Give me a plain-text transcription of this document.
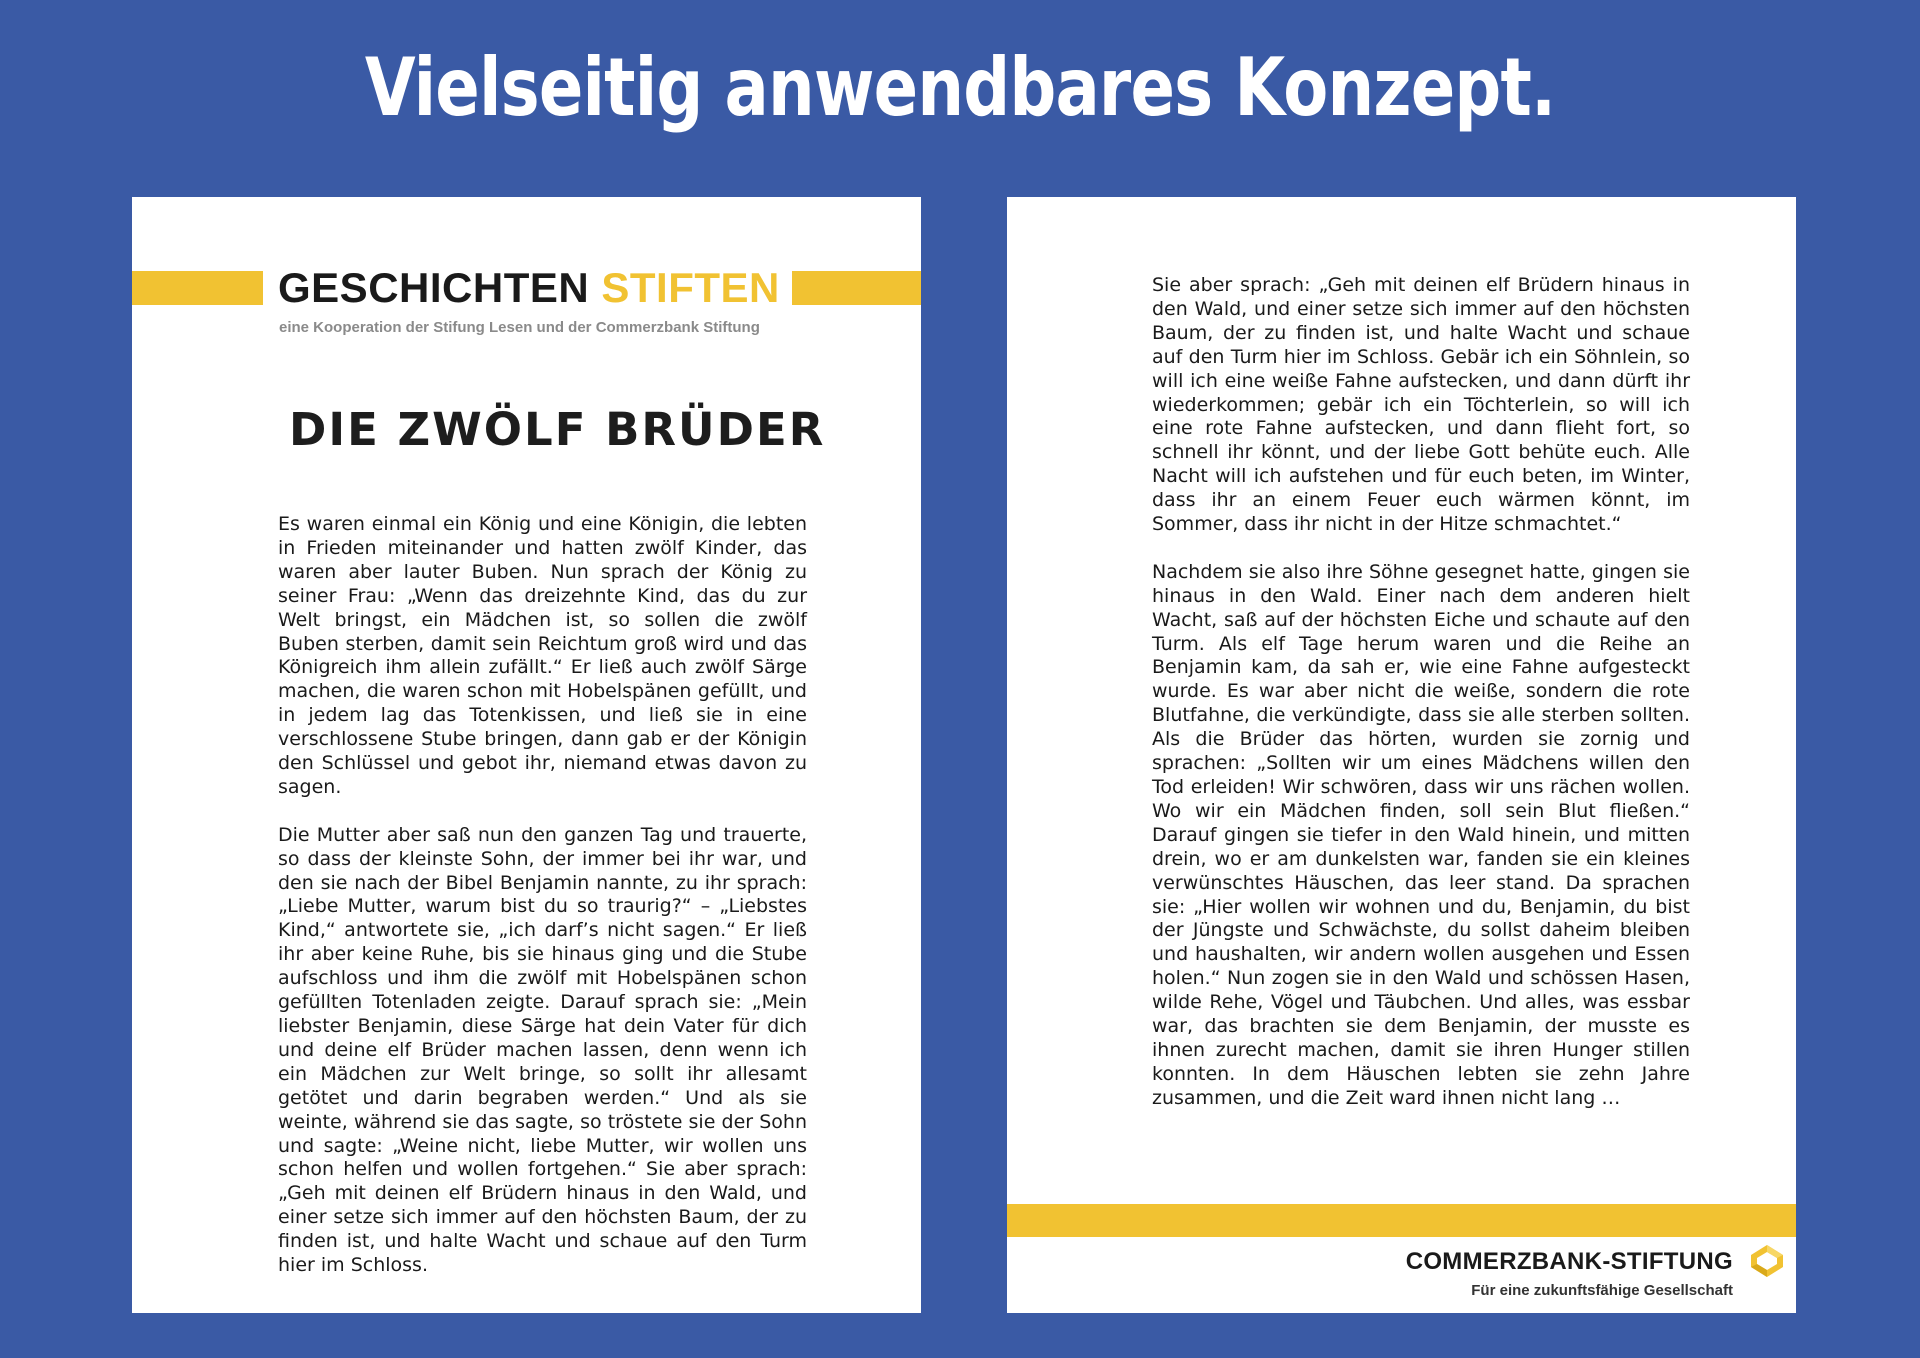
Vielseitig anwendbares Konzept.
GESCHICHTEN STIFTEN
eine Kooperation der Stifung Lesen und der Commerzbank Stiftung
DIE ZWÖLF BRÜDER

Es waren einmal ein König und eine Königin, die lebten in Frieden miteinander und hatten zwölf Kinder, das waren aber lauter Buben. Nun sprach der König zu seiner Frau: „Wenn das dreizehnte Kind, das du zur Welt bringst, ein Mädchen ist, so sollen die zwölf Buben sterben, damit sein Reichtum groß wird und das Königreich ihm allein zufällt.“ Er ließ auch zwölf Särge machen, die waren schon mit Hobelspänen gefüllt, und in jedem lag das Totenkissen, und ließ sie in eine verschlossene Stube bringen, dann gab er der Königin den Schlüssel und gebot ihr, niemand etwas davon zu sagen.

Die Mutter aber saß nun den ganzen Tag und trauerte, so dass der kleinste Sohn, der immer bei ihr war, und den sie nach der Bibel Benjamin nannte, zu ihr sprach: „Liebe Mutter, warum bist du so traurig?“ – „Liebstes Kind,“ antwortete sie, „ich darf’s nicht sagen.“ Er ließ ihr aber keine Ruhe, bis sie hinaus ging und die Stube aufschloss und ihm die zwölf mit Hobelspänen schon gefüllten Totenladen zeigte. Darauf sprach sie: „Mein liebster Benjamin, diese Särge hat dein Vater für dich und deine elf Brüder machen lassen, denn wenn ich ein Mädchen zur Welt bringe, so sollt ihr allesamt getötet und darin begraben werden.“ Und als sie weinte, während sie das sagte, so tröstete sie der Sohn und sagte: „Weine nicht, liebe Mutter, wir wollen uns schon helfen und wollen fortgehen.“ Sie aber sprach: „Geh mit deinen elf Brüdern hinaus in den Wald, und einer setze sich immer auf den höchsten Baum, der zu finden ist, und halte Wacht und schaue auf den Turm hier im Schloss.

Sie aber sprach: „Geh mit deinen elf Brüdern hinaus in den Wald, und einer setze sich immer auf den höchsten Baum, der zu finden ist, und halte Wacht und schaue auf den Turm hier im Schloss. Gebär ich ein Söhnlein, so will ich eine weiße Fahne aufstecken, und dann dürft ihr wiederkommen; gebär ich ein Töchterlein, so will ich eine rote Fahne aufstecken, und dann flieht fort, so schnell ihr könnt, und der liebe Gott behüte euch. Alle Nacht will ich aufstehen und für euch beten, im Winter, dass ihr an einem Feuer euch wärmen könnt, im Sommer, dass ihr nicht in der Hitze schmachtet.“

Nachdem sie also ihre Söhne gesegnet hatte, gingen sie hinaus in den Wald. Einer nach dem anderen hielt Wacht, saß auf der höchsten Eiche und schaute auf den Turm. Als elf Tage herum waren und die Reihe an Benjamin kam, da sah er, wie eine Fahne aufgesteckt wurde. Es war aber nicht die weiße, sondern die rote Blutfahne, die verkündigte, dass sie alle sterben sollten. Als die Brüder das hörten, wurden sie zornig und sprachen: „Sollten wir um eines Mädchens willen den Tod erleiden! Wir schwören, dass wir uns rächen wollen. Wo wir ein Mädchen finden, soll sein Blut fließen.“ Darauf gingen sie tiefer in den Wald hinein, und mitten drein, wo er am dunkelsten war, fanden sie ein kleines verwünschtes Häuschen, das leer stand. Da sprachen sie: „Hier wollen wir wohnen und du, Benjamin, du bist der Jüngste und Schwächste, du sollst daheim bleiben und haushalten, wir andern wollen ausgehen und Essen holen.“ Nun zogen sie in den Wald und schössen Hasen, wilde Rehe, Vögel und Täubchen. Und alles, was essbar war, das brachten sie dem Benjamin, der musste es ihnen zurecht machen, damit sie ihren Hunger stillen konnten. In dem Häuschen lebten sie zehn Jahre zusammen, und die Zeit ward ihnen nicht lang …

COMMERZBANK-STIFTUNG
Für eine zukunftsfähige Gesellschaft
